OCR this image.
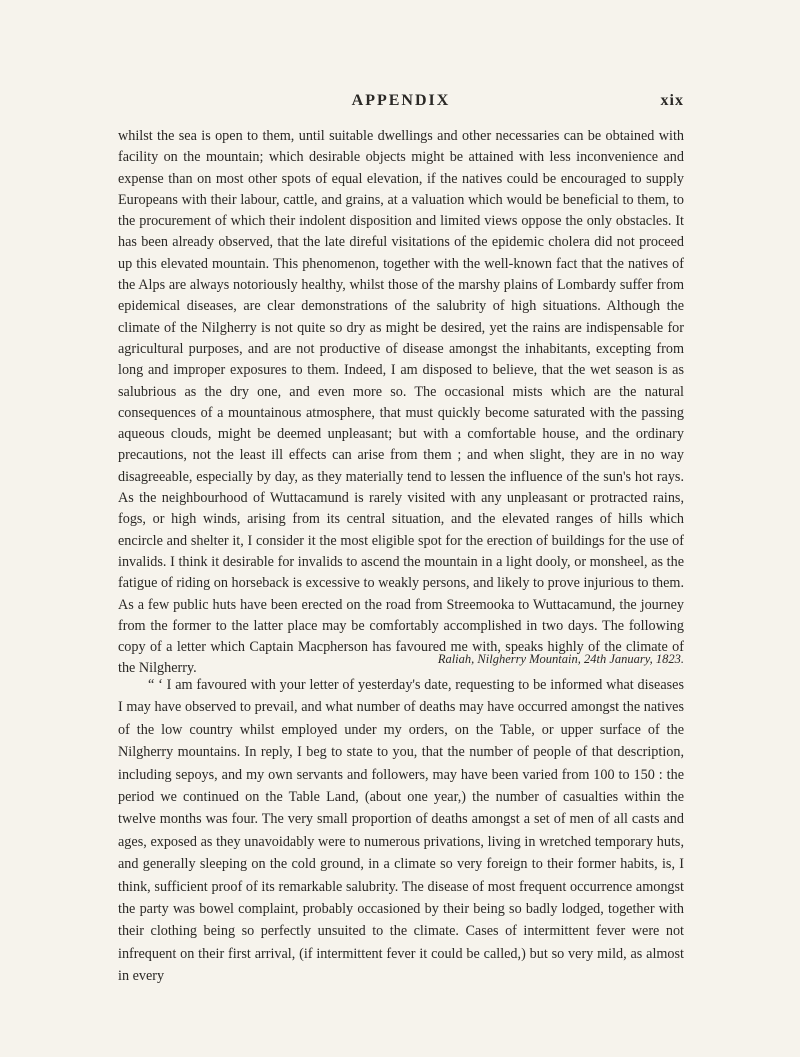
APPENDIX	xix

whilst the sea is open to them, until suitable dwellings and other necessaries can be obtained with facility on the mountain; which desirable objects might be attained with less inconvenience and expense than on most other spots of equal elevation, if the natives could be encouraged to supply Europeans with their labour, cattle, and grains, at a valuation which would be beneficial to them, to the procurement of which their indolent disposition and limited views oppose the only obstacles. It has been already observed, that the late direful visitations of the epidemic cholera did not proceed up this elevated mountain. This phenomenon, together with the well-known fact that the natives of the Alps are always notoriously healthy, whilst those of the marshy plains of Lombardy suffer from epidemical diseases, are clear demonstrations of the salubrity of high situations. Although the climate of the Nilgherry is not quite so dry as might be desired, yet the rains are indispensable for agricultural purposes, and are not productive of disease amongst the inhabitants, excepting from long and improper exposures to them. Indeed, I am disposed to believe, that the wet season is as salubrious as the dry one, and even more so. The occasional mists which are the natural consequences of a mountainous atmosphere, that must quickly become saturated with the passing aqueous clouds, might be deemed unpleasant; but with a comfortable house, and the ordinary precautions, not the least ill effects can arise from them ; and when slight, they are in no way disagreeable, especially by day, as they materially tend to lessen the influence of the sun's hot rays. As the neighbourhood of Wuttacamund is rarely visited with any unpleasant or protracted rains, fogs, or high winds, arising from its central situation, and the elevated ranges of hills which encircle and shelter it, I consider it the most eligible spot for the erection of buildings for the use of invalids. I think it desirable for invalids to ascend the mountain in a light dooly, or monsheel, as the fatigue of riding on horseback is excessive to weakly persons, and likely to prove injurious to them. As a few public huts have been erected on the road from Streemooka to Wuttacamund, the journey from the former to the latter place may be comfortably accomplished in two days. The following copy of a letter which Captain Macpherson has favoured me with, speaks highly of the climate of the Nilgherry.

Raliah, Nilgherry Mountain, 24th January, 1823.

“ ‘ I am favoured with your letter of yesterday's date, requesting to be informed what diseases I may have observed to prevail, and what number of deaths may have occurred amongst the natives of the low country whilst employed under my orders, on the Table, or upper surface of the Nilgherry mountains. In reply, I beg to state to you, that the number of people of that description, including sepoys, and my own servants and followers, may have been varied from 100 to 150 : the period we continued on the Table Land, (about one year,) the number of casualties within the twelve months was four. The very small proportion of deaths amongst a set of men of all casts and ages, exposed as they unavoidably were to numerous privations, living in wretched temporary huts, and generally sleeping on the cold ground, in a climate so very foreign to their former habits, is, I think, sufficient proof of its remarkable salubrity. The disease of most frequent occurrence amongst the party was bowel complaint, probably occasioned by their being so badly lodged, together with their clothing being so perfectly unsuited to the climate. Cases of intermittent fever were not infrequent on their first arrival, (if intermittent fever it could be called,) but so very mild, as almost in every
